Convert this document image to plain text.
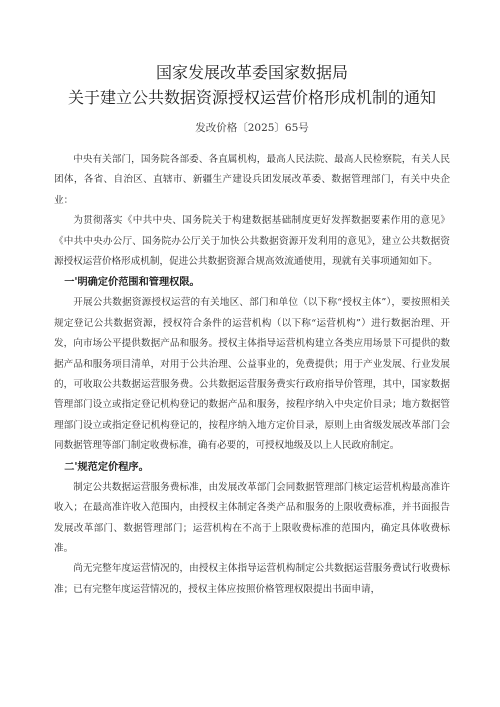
国家发展改革委国家数据局
关于建立公共数据资源授权运营价格形成机制的通知
发改价格〔2025〕65号

中央有关部门，国务院各部委、各直属机构，最高人民法院、最高人民检察院，有关人民团体，各省、自治区、直辖市、新疆生产建设兵团发展改革委、数据管理部门，有关中央企业：

为贯彻落实《中共中央、国务院关于构建数据基础制度更好发挥数据要素作用的意见》《中共中央办公厅、国务院办公厅关于加快公共数据资源开发利用的意见》，建立公共数据资源授权运营价格形成机制，促进公共数据资源合规高效流通使用，现就有关事项通知如下。

一'明确定价范围和管理权限。

开展公共数据资源授权运营的有关地区、部门和单位（以下称“授权主体”），要按照相关规定登记公共数据资源，授权符合条件的运营机构（以下称“运营机构”）进行数据治理、开发，向市场公平提供数据产品和服务。授权主体指导运营机构建立各类应用场景下可提供的数据产品和服务项目清单，对用于公共治理、公益事业的，免费提供；用于产业发展、行业发展的，可收取公共数据运营服务费。公共数据运营服务费实行政府指导价管理，其中，国家数据管理部门设立或指定登记机构登记的数据产品和服务，按程序纳入中央定价目录；地方数据管理部门设立或指定登记机构登记的，按程序纳入地方定价目录，原则上由省级发展改革部门会同数据管理等部门制定收费标准，确有必要的，可授权地级及以上人民政府制定。

二'规范定价程序。

制定公共数据运营服务费标准，由发展改革部门会同数据管理部门核定运营机构最高准许收入；在最高准许收入范围内，由授权主体制定各类产品和服务的上限收费标准，并书面报告发展改革部门、数据管理部门；运营机构在不高于上限收费标准的范围内，确定具体收费标准。

尚无完整年度运营情况的，由授权主体指导运营机构制定公共数据运营服务费试行收费标准；已有完整年度运营情况的，授权主体应按照价格管理权限提出书面申请，
